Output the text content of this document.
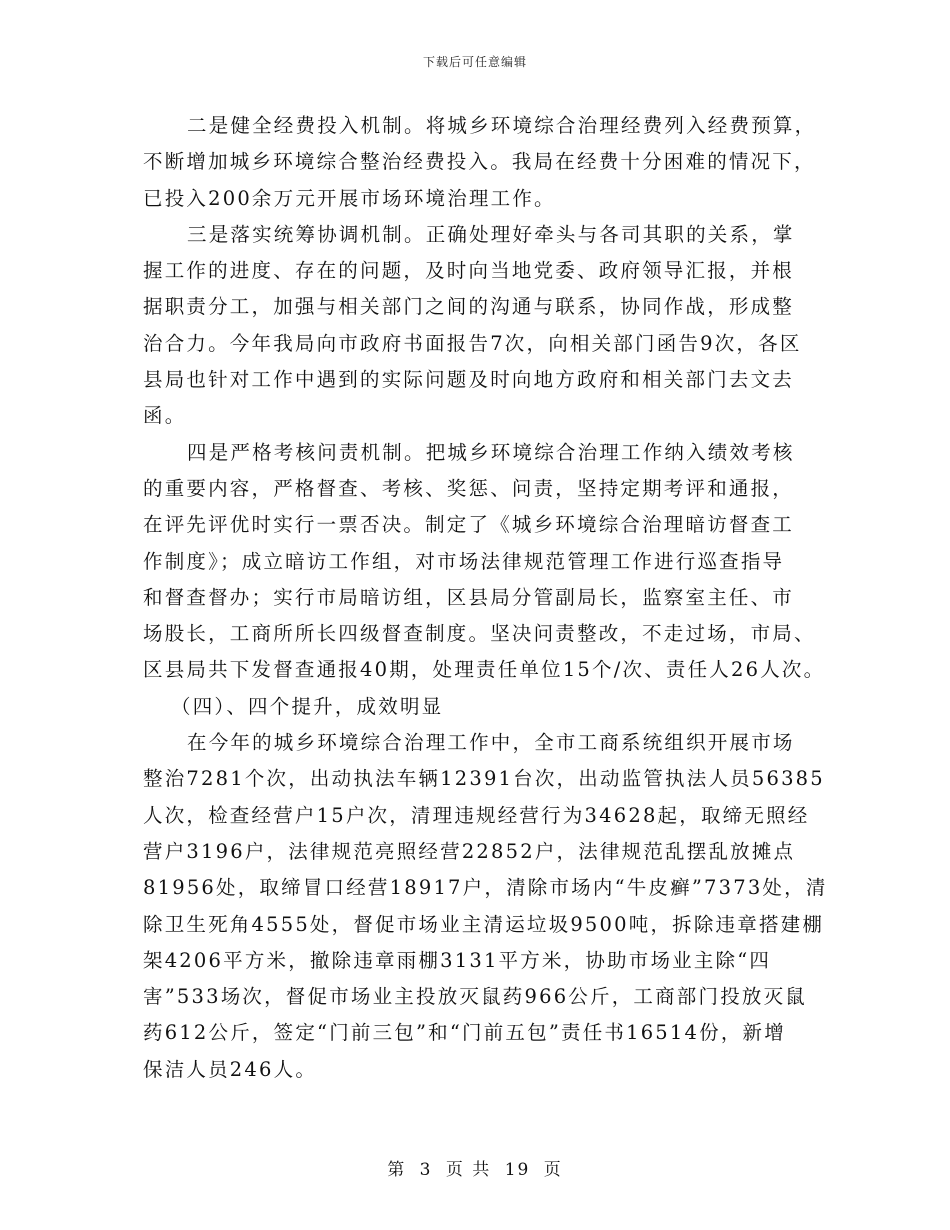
下载后可任意编辑
二是健全经费投入机制。将城乡环境综合治理经费列入经费预算，
不断增加城乡环境综合整治经费投入。我局在经费十分困难的情况下，
已投入200余万元开展市场环境治理工作。
三是落实统筹协调机制。正确处理好牵头与各司其职的关系，掌
握工作的进度、存在的问题，及时向当地党委、政府领导汇报，并根
据职责分工，加强与相关部门之间的沟通与联系，协同作战，形成整
治合力。今年我局向市政府书面报告7次，向相关部门函告9次，各区
县局也针对工作中遇到的实际问题及时向地方政府和相关部门去文去
函。
四是严格考核问责机制。把城乡环境综合治理工作纳入绩效考核
的重要内容，严格督查、考核、奖惩、问责，坚持定期考评和通报，
在评先评优时实行一票否决。制定了《城乡环境综合治理暗访督查工
作制度》；成立暗访工作组，对市场法律规范管理工作进行巡查指导
和督查督办；实行市局暗访组，区县局分管副局长，监察室主任、市
场股长，工商所所长四级督查制度。坚决问责整改，不走过场，市局、
区县局共下发督查通报40期，处理责任单位15个/次、责任人26人次。
（四）、四个提升，成效明显
在今年的城乡环境综合治理工作中，全市工商系统组织开展市场
整治7281个次，出动执法车辆12391台次，出动监管执法人员56385
人次，检查经营户15户次，清理违规经营行为34628起，取缔无照经
营户3196户，法律规范亮照经营22852户，法律规范乱摆乱放摊点
81956处，取缔冒口经营18917户，清除市场内“牛皮癣”7373处，清
除卫生死角4555处，督促市场业主清运垃圾9500吨，拆除违章搭建棚
架4206平方米，撤除违章雨棚3131平方米，协助市场业主除“四
害”533场次，督促市场业主投放灭鼠药966公斤，工商部门投放灭鼠
药612公斤，签定“门前三包”和“门前五包”责任书16514份，新增
保洁人员246人。
第 3 页 共 19 页
